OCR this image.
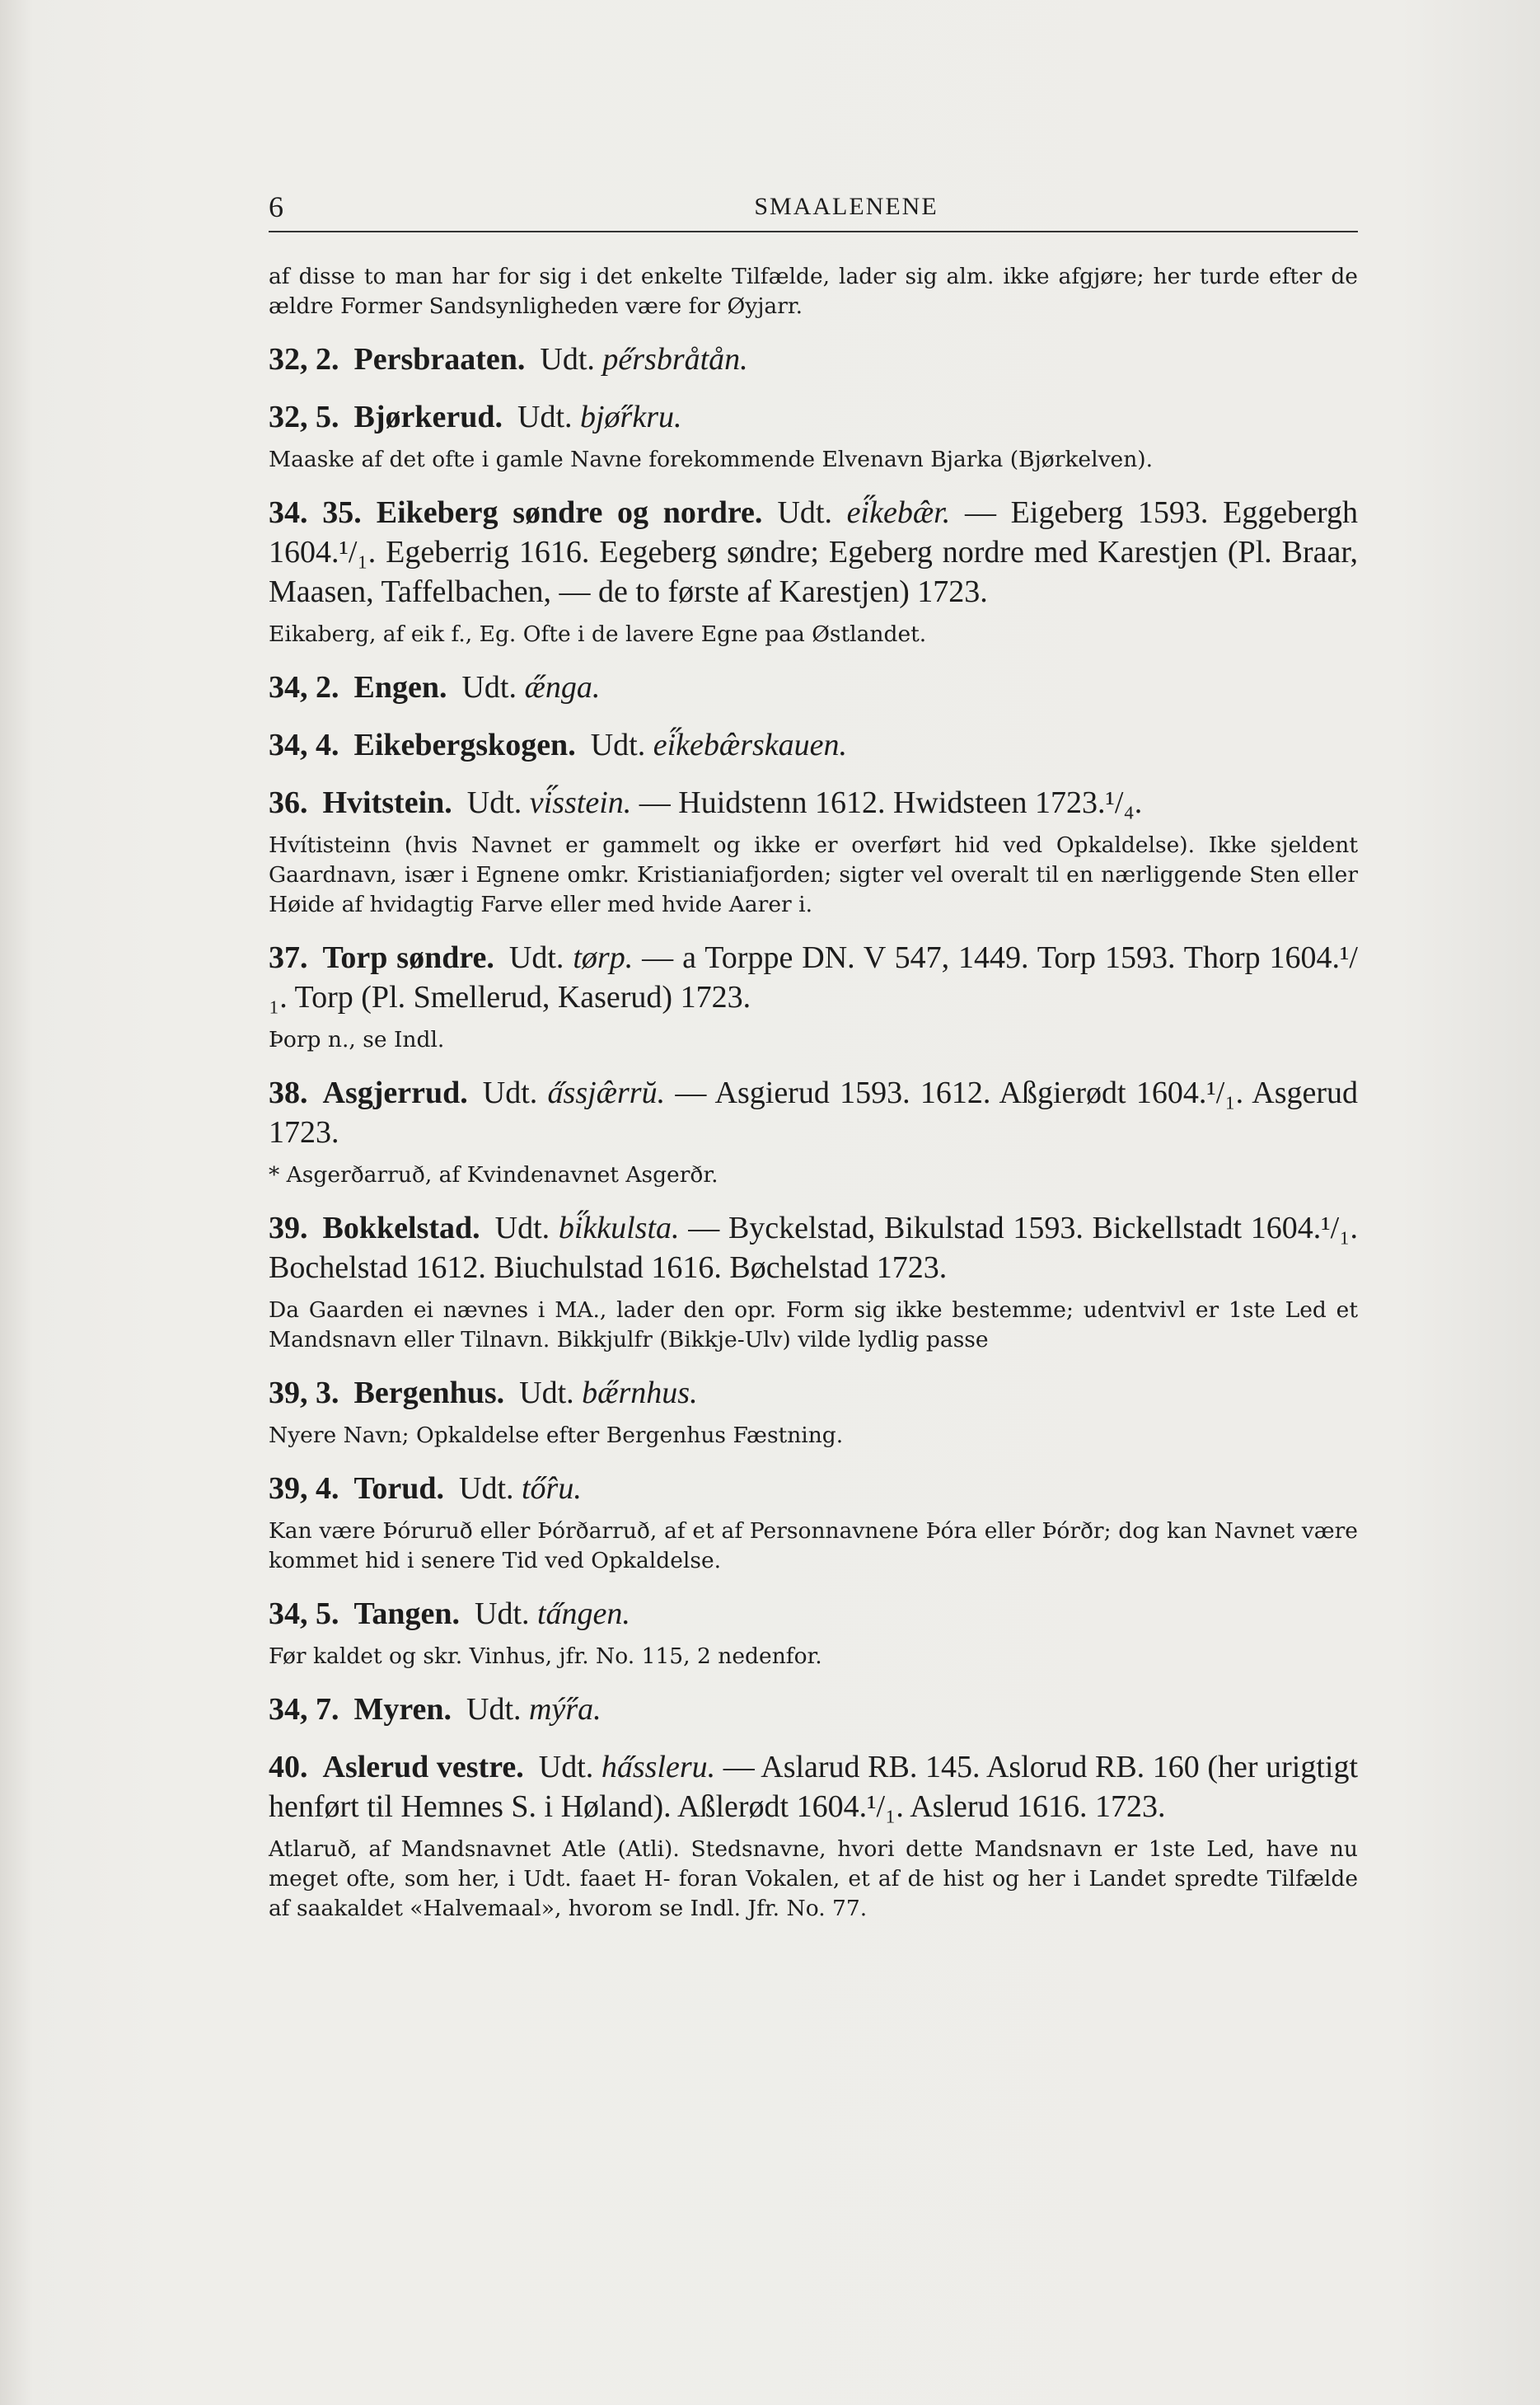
6	SMAALENENE

af disse to man har for sig i det enkelte Tilfælde, lader sig alm. ikke afgjøre; her turde efter de ældre Former Sandsynligheden være for Øyjarr.

32, 2. Persbraaten. Udt. pe̋rsbråtån.

32, 5. Bjørkerud. Udt. bjø̋rkru.

Maaske af det ofte i gamle Navne forekommende Elvenavn Bjarka (Bjørkelven).

34. 35. Eikeberg søndre og nordre. Udt. ei̋kebæ̂r. — Eigeberg 1593. Eggebergh 1604.¹/₁. Egeberrig 1616. Eegeberg søndre; Egeberg nordre med Karestjen (Pl. Braar, Maasen, Taffelbachen, — de to første af Karestjen) 1723.

Eikaberg, af eik f., Eg. Ofte i de lavere Egne paa Østlandet.

34, 2. Engen. Udt. æ̋nga.

34, 4. Eikebergskogen. Udt. ei̋kebæ̂rskauen.

36. Hvitstein. Udt. vi̋sstein. — Huidstenn 1612. Hwidsteen 1723.¹/₄.

Hvítisteinn (hvis Navnet er gammelt og ikke er overført hid ved Opkaldelse). Ikke sjeldent Gaardnavn, især i Egnene omkr. Kristianiafjorden; sigter vel overalt til en nærliggende Sten eller Høide af hvidagtig Farve eller med hvide Aarer i.

37. Torp søndre. Udt. tørp. — a Torppe DN. V 547, 1449. Torp 1593. Thorp 1604.¹/₁. Torp (Pl. Smellerud, Kaserud) 1723.

Þorp n., se Indl.

38. Asgjerrud. Udt. a̋ssjæ̂rrŭ. — Asgierud 1593. 1612. Aßgierødt 1604.¹/₁. Asgerud 1723.

* Asgerðarruð, af Kvindenavnet Asgerðr.

39. Bokkelstad. Udt. bi̋kkulsta. — Byckelstad, Bikulstad 1593. Bickellstadt 1604.¹/₁. Bochelstad 1612. Biuchulstad 1616. Bøchelstad 1723.

Da Gaarden ei nævnes i MA., lader den opr. Form sig ikke bestemme; udentvivl er 1ste Led et Mandsnavn eller Tilnavn. Bikkjulfr (Bikkje-Ulv) vilde lydlig passe

39, 3. Bergenhus. Udt. bæ̋rnhus.

Nyere Navn; Opkaldelse efter Bergenhus Fæstning.

39, 4. Torud. Udt. tő̂ru.

Kan være Þóruruð eller Þórðarruð, af et af Personnavnene Þóra eller Þórðr; dog kan Navnet være kommet hid i senere Tid ved Opkaldelse.

34, 5. Tangen. Udt. ta̋ngen.

Før kaldet og skr. Vinhus, jfr. No. 115, 2 nedenfor.

34, 7. Myren. Udt. mý̋ra.

40. Aslerud vestre. Udt. ha̋ssleru. — Aslarud RB. 145. Aslorud RB. 160 (her urigtigt henført til Hemnes S. i Høland). Aßlerødt 1604.¹/₁. Aslerud 1616. 1723.

Atlaruð, af Mandsnavnet Atle (Atli). Stedsnavne, hvori dette Mandsnavn er 1ste Led, have nu meget ofte, som her, i Udt. faaet H- foran Vokalen, et af de hist og her i Landet spredte Tilfælde af saakaldet «Halvemaal», hvorom se Indl. Jfr. No. 77.
